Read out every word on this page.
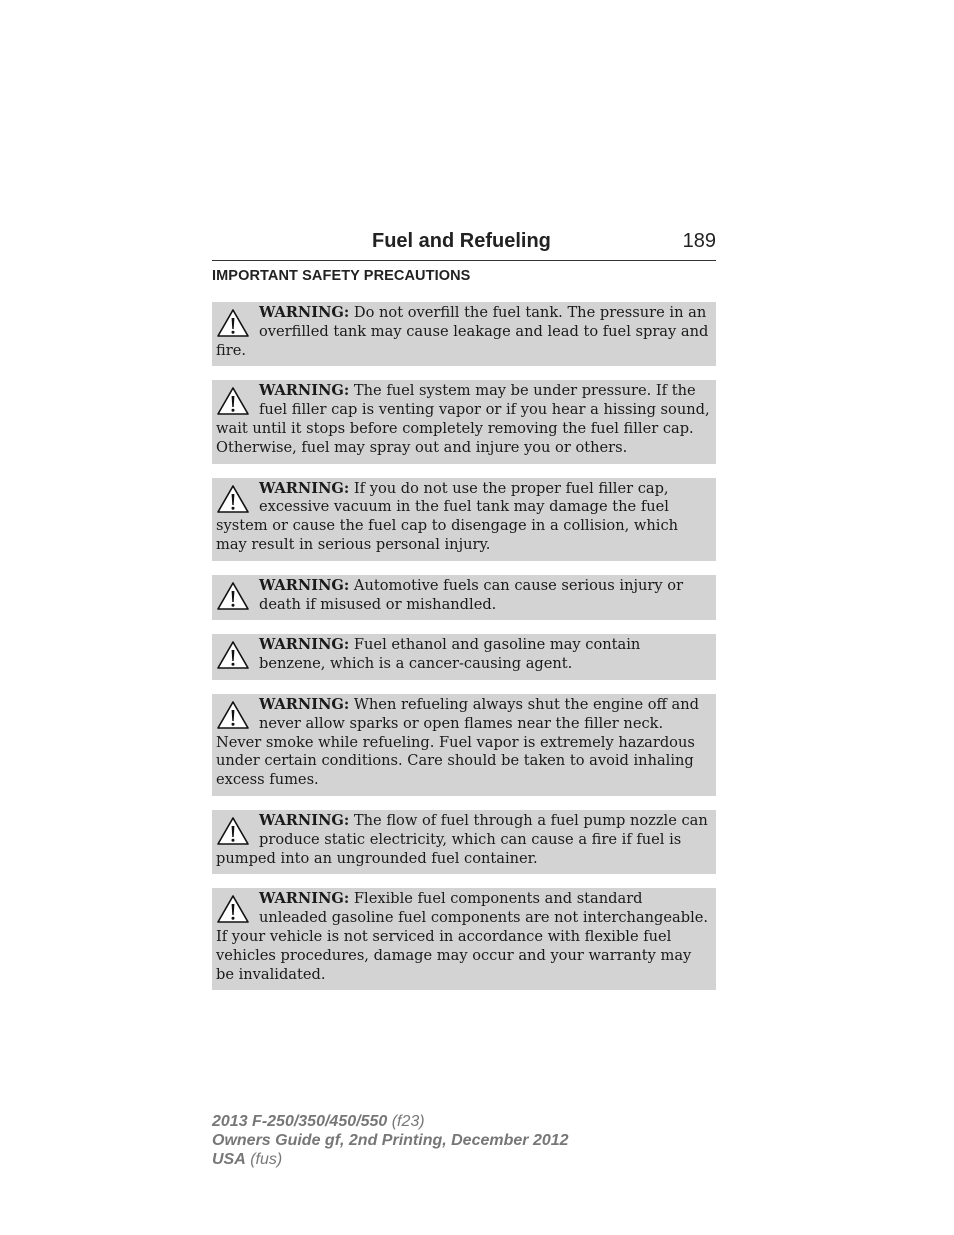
Fuel and Refueling	189
IMPORTANT SAFETY PRECAUTIONS
WARNING: Do not overfill the fuel tank. The pressure in an overfilled tank may cause leakage and lead to fuel spray and fire.
WARNING: The fuel system may be under pressure. If the fuel filler cap is venting vapor or if you hear a hissing sound, wait until it stops before completely removing the fuel filler cap. Otherwise, fuel may spray out and injure you or others.
WARNING: If you do not use the proper fuel filler cap, excessive vacuum in the fuel tank may damage the fuel system or cause the fuel cap to disengage in a collision, which may result in serious personal injury.
WARNING: Automotive fuels can cause serious injury or death if misused or mishandled.
WARNING: Fuel ethanol and gasoline may contain benzene, which is a cancer-causing agent.
WARNING: When refueling always shut the engine off and never allow sparks or open flames near the filler neck. Never smoke while refueling. Fuel vapor is extremely hazardous under certain conditions. Care should be taken to avoid inhaling excess fumes.
WARNING: The flow of fuel through a fuel pump nozzle can produce static electricity, which can cause a fire if fuel is pumped into an ungrounded fuel container.
WARNING: Flexible fuel components and standard unleaded gasoline fuel components are not interchangeable. If your vehicle is not serviced in accordance with flexible fuel vehicles procedures, damage may occur and your warranty may be invalidated.
2013 F-250/350/450/550 (f23)
Owners Guide gf, 2nd Printing, December 2012
USA (fus)
